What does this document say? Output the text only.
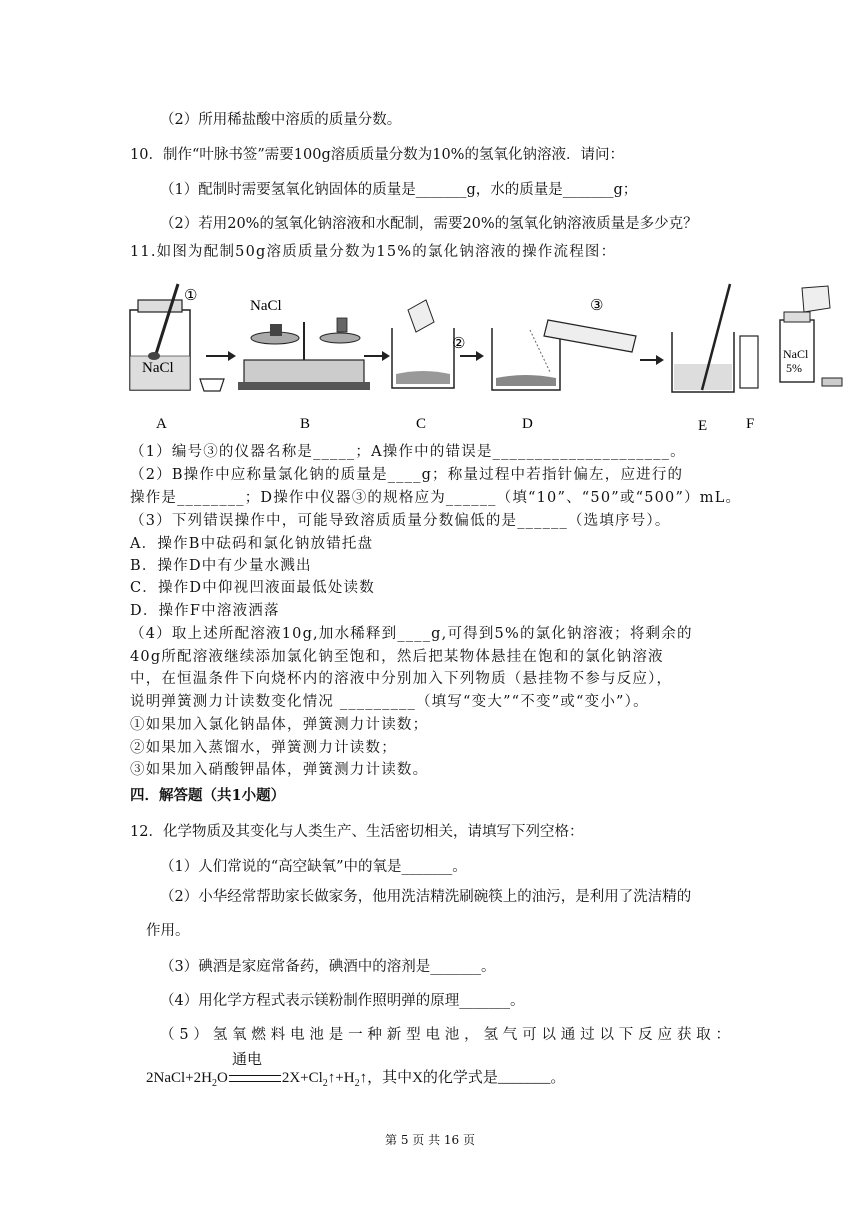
（2）所用稀盐酸中溶质的质量分数。
10．制作“叶脉书签”需要100g溶质质量分数为10%的氢氧化钠溶液．请问：
（1）配制时需要氢氧化钠固体的质量是_______g，水的质量是_______g；
（2）若用20%的氢氧化钠溶液和水配制，需要20%的氢氧化钠溶液质量是多少克？
11.如图为配制50g溶质质量分数为15%的氯化钠溶液的操作流程图：
NaCl
①
NaCl
②
③
A	B	C	D	E	F
NaCl
5%
（1）编号③的仪器名称是_____；A操作中的错误是_____________________。
（2）B操作中应称量氯化钠的质量是____g；称量过程中若指针偏左，应进行的
操作是________；D操作中仪器③的规格应为______（填“10”、“50”或“500”）mL。
（3）下列错误操作中，可能导致溶质质量分数偏低的是______（选填序号）。
A．操作B中砝码和氯化钠放错托盘
B．操作D中有少量水溅出
C．操作D中仰视凹液面最低处读数
D．操作F中溶液洒落
（4）取上述所配溶液10g,加水稀释到____g,可得到5%的氯化钠溶液；将剩余的
40g所配溶液继续添加氯化钠至饱和，然后把某物体悬挂在饱和的氯化钠溶液
中，在恒温条件下向烧杯内的溶液中分别加入下列物质（悬挂物不参与反应），
说明弹簧测力计读数变化情况 _________（填写“变大”“不变”或“变小”）。
①如果加入氯化钠晶体，弹簧测力计读数；
②如果加入蒸馏水，弹簧测力计读数；
③如果加入硝酸钾晶体，弹簧测力计读数。
四．解答题（共1小题）
12．化学物质及其变化与人类生产、生活密切相关，请填写下列空格：
（1）人们常说的“高空缺氧”中的氧是_______。
（2）小华经常帮助家长做家务，他用洗洁精洗刷碗筷上的油污，是利用了洗洁精的
作用。
（3）碘酒是家庭常备药，碘酒中的溶剂是_______。
（4）用化学方程式表示镁粉制作照明弹的原理_______。
（5）氢氧燃料电池是一种新型电池，氢气可以通过以下反应获取：
$2NaCl+2H_2O$	$2X+Cl_2↑+H_2↑$，其中X的化学式是_______。
通电
第 5 页 共 16 页
